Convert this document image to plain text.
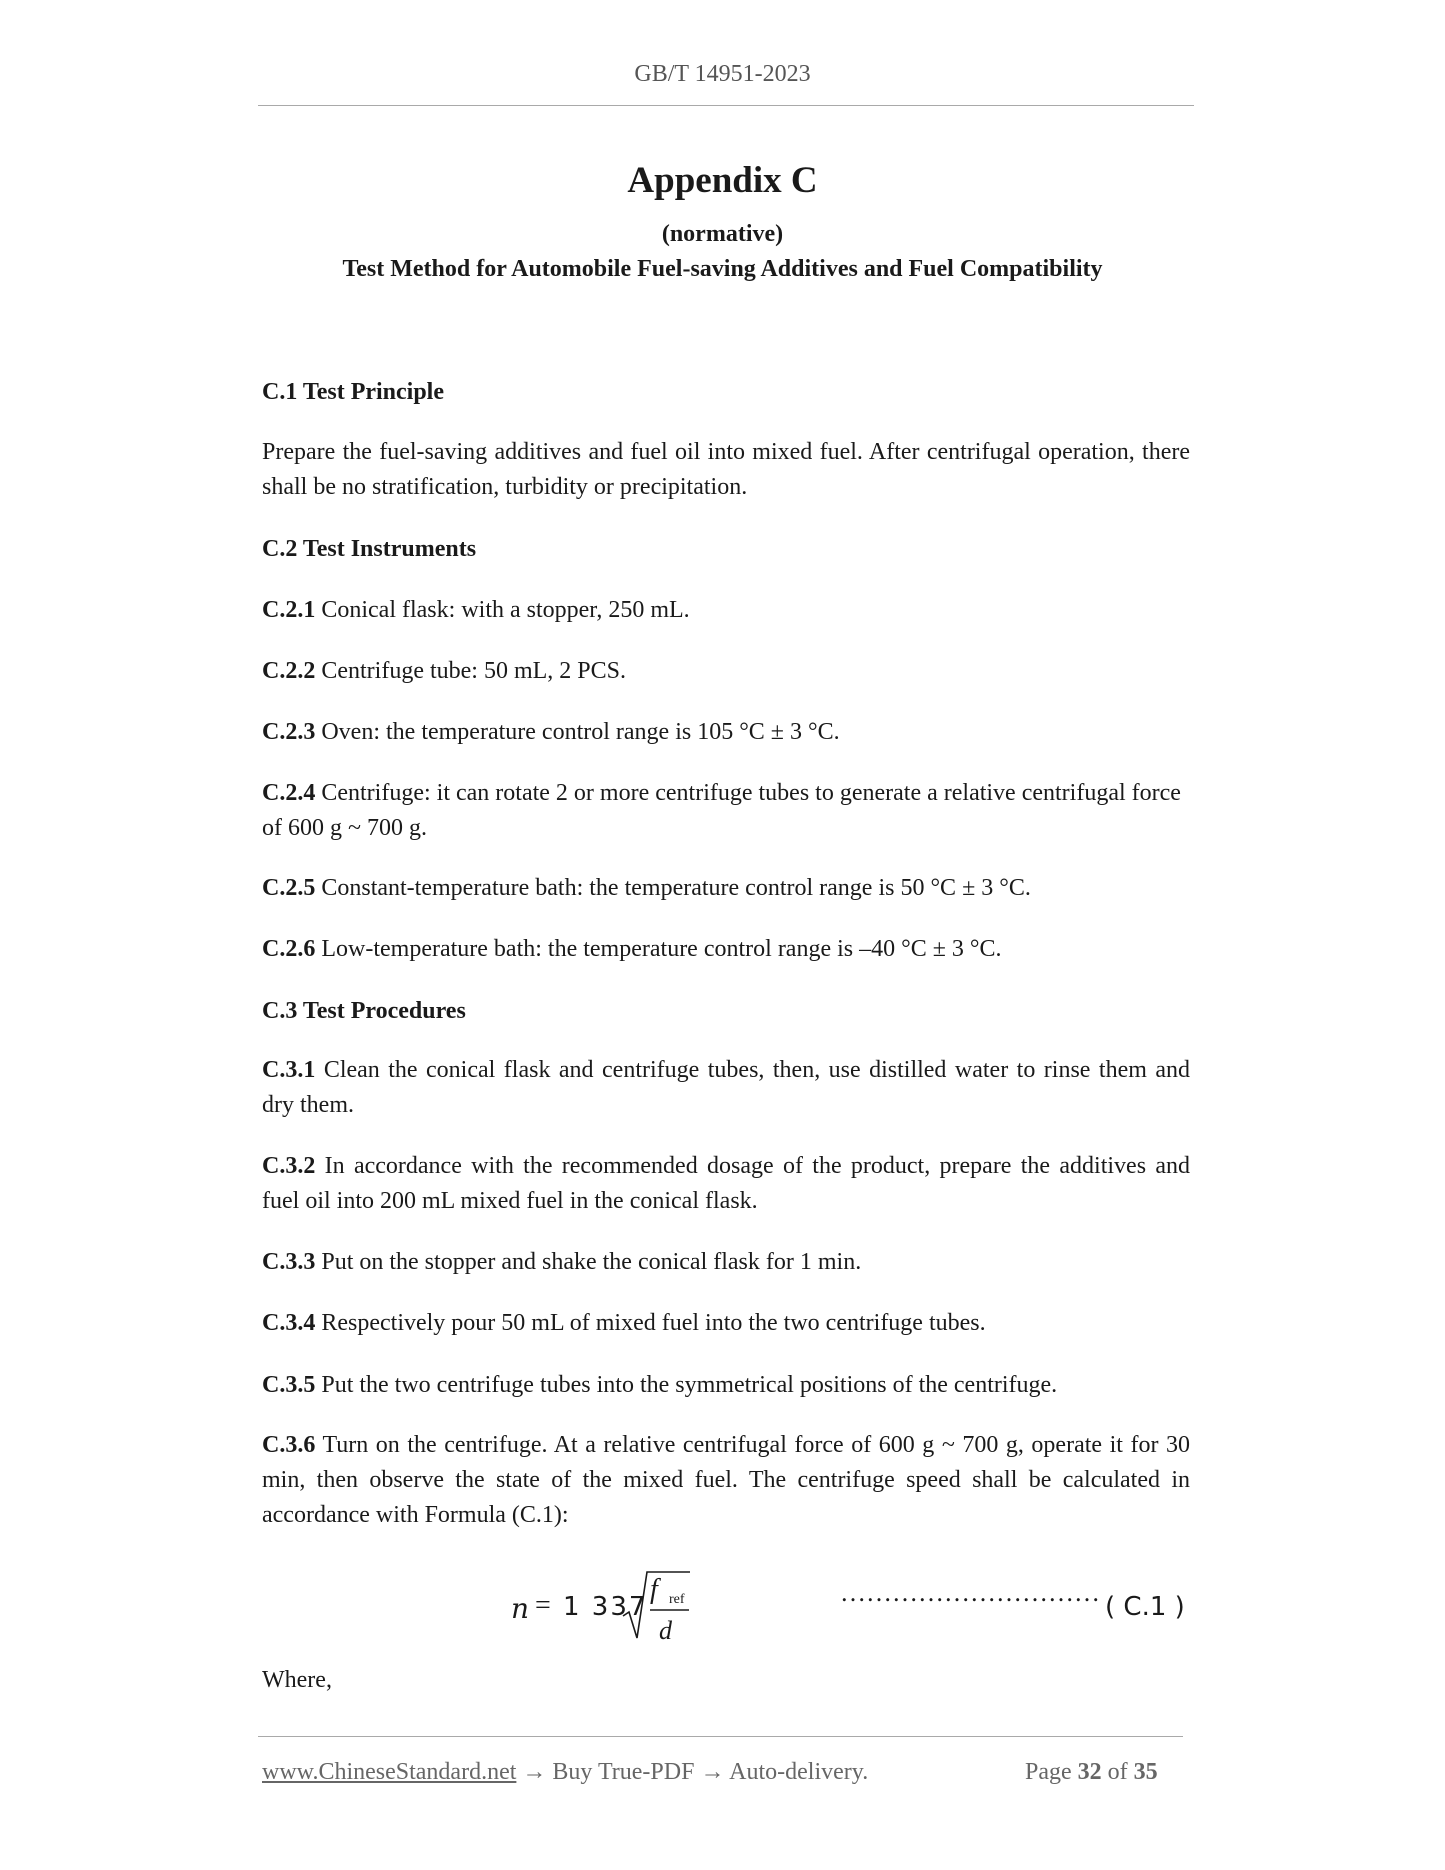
GB/T 14951-2023
Appendix C
(normative)
Test Method for Automobile Fuel-saving Additives and Fuel Compatibility
C.1 Test Principle
Prepare the fuel-saving additives and fuel oil into mixed fuel. After centrifugal operation, there shall be no stratification, turbidity or precipitation.
C.2 Test Instruments
C.2.1 Conical flask: with a stopper, 250 mL.
C.2.2 Centrifuge tube: 50 mL, 2 PCS.
C.2.3 Oven: the temperature control range is 105 °C ± 3 °C.
C.2.4 Centrifuge: it can rotate 2 or more centrifuge tubes to generate a relative centrifugal force of 600 g ~ 700 g.
C.2.5 Constant-temperature bath: the temperature control range is 50 °C ± 3 °C.
C.2.6 Low-temperature bath: the temperature control range is –40 °C ± 3 °C.
C.3 Test Procedures
C.3.1 Clean the conical flask and centrifuge tubes, then, use distilled water to rinse them and dry them.
C.3.2 In accordance with the recommended dosage of the product, prepare the additives and fuel oil into 200 mL mixed fuel in the conical flask.
C.3.3 Put on the stopper and shake the conical flask for 1 min.
C.3.4 Respectively pour 50 mL of mixed fuel into the two centrifuge tubes.
C.3.5 Put the two centrifuge tubes into the symmetrical positions of the centrifuge.
C.3.6 Turn on the centrifuge. At a relative centrifugal force of 600 g ~ 700 g, operate it for 30 min, then observe the state of the mixed fuel. The centrifuge speed shall be calculated in accordance with Formula (C.1):
n = 1 337
f ref
d
………………………… ( C.1 )
Where,
www.ChineseStandard.net → Buy True-PDF → Auto-delivery.	Page 32 of 35
